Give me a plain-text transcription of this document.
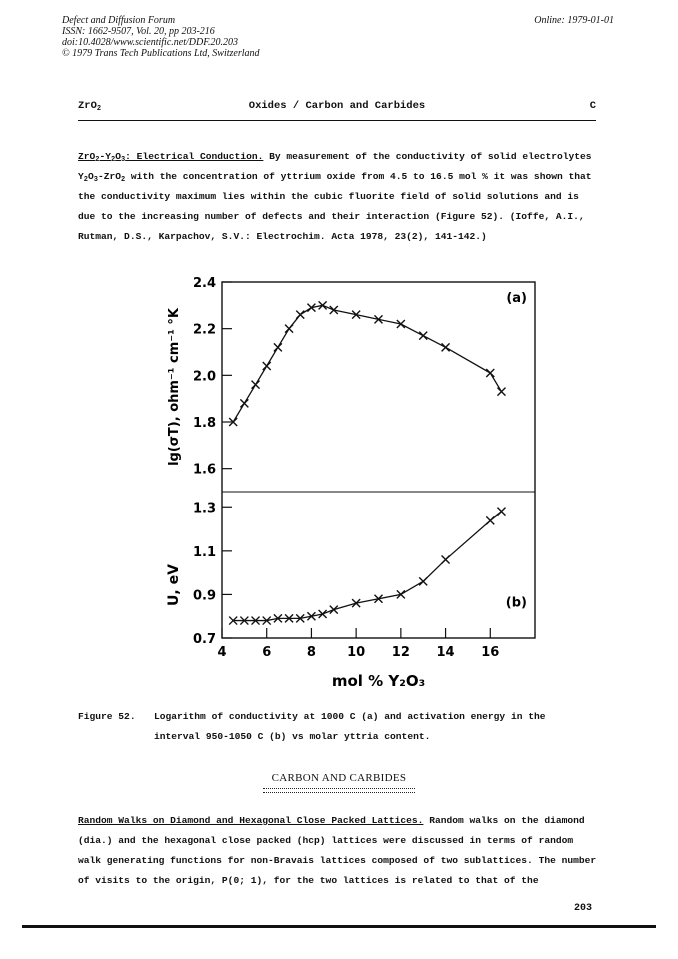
Defect and Diffusion Forum
ISSN: 1662-9507, Vol. 20, pp 203-216
doi:10.4028/www.scientific.net/DDF.20.203
© 1979 Trans Tech Publications Ltd, Switzerland
Online: 1979-01-01
ZrO$_2$	Oxides / Carbon and Carbides	C
$ZrO_2-Y_2O_3$: Electrical Conduction. By measurement of the conductivity of solid electrolytes $Y_2O_3-ZrO_2$ with the concentration of yttrium oxide from 4.5 to 16.5 mol % it was shown that the conductivity maximum lies within the cubic fluorite field of solid solutions and is due to the increasing number of defects and their interaction (Figure 52). (Ioffe, A.I., Rutman, D.S., Karpachov, S.V.: Electrochim. Acta 1978, 23(2), 141-142.)
2.4
2.2
2.0
1.8
1.6
1.3
1.1
0.9
0.7
(a)
(b)
4	6	8 10 12 14 16
mol % Y₂O₃
lg(σT), ohm⁻¹ cm⁻¹ °K
U, eV
Figure 52. Logarithm of conductivity at 1000 C (a) and activation energy in the interval 950-1050 C (b) vs molar yttria content.
CARBON AND CARBIDES
Random Walks on Diamond and Hexagonal Close Packed Lattices. Random walks on the diamond (dia.) and the hexagonal close packed (hcp) lattices were discussed in terms of random walk generating functions for non-Bravais lattices composed of two sublattices. The number of visits to the origin, P(0; 1), for the two lattices is related to that of the
203
